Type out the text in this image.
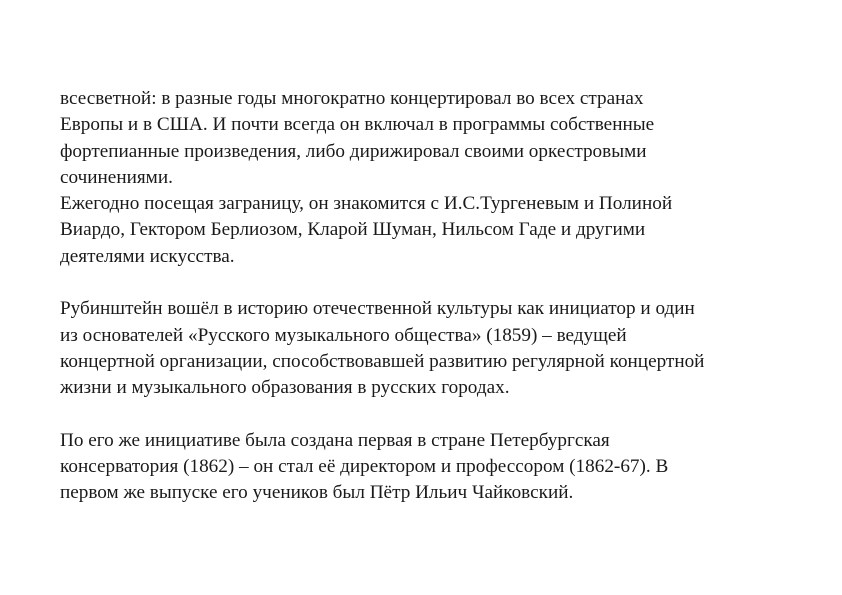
всесветной: в разные годы многократно концертировал во всех странах
Европы и в США. И почти всегда он включал в программы собственные
фортепианные произведения, либо дирижировал своими оркестровыми
сочинениями.
Ежегодно посещая заграницу, он знакомится с И.С.Тургеневым и Полиной
Виардо, Гектором Берлиозом, Кларой Шуман, Нильсом Гаде и другими
деятелями искусства.
Рубинштейн вошёл в историю отечественной культуры как инициатор и один
из основателей «Русского музыкального общества» (1859) – ведущей
концертной организации, способствовавшей развитию регулярной концертной
жизни и музыкального образования в русских городах.
По его же инициативе была создана первая в стране Петербургская
консерватория (1862) – он стал её директором и профессором (1862-67). В
первом же выпуске его учеников был Пётр Ильич Чайковский.
